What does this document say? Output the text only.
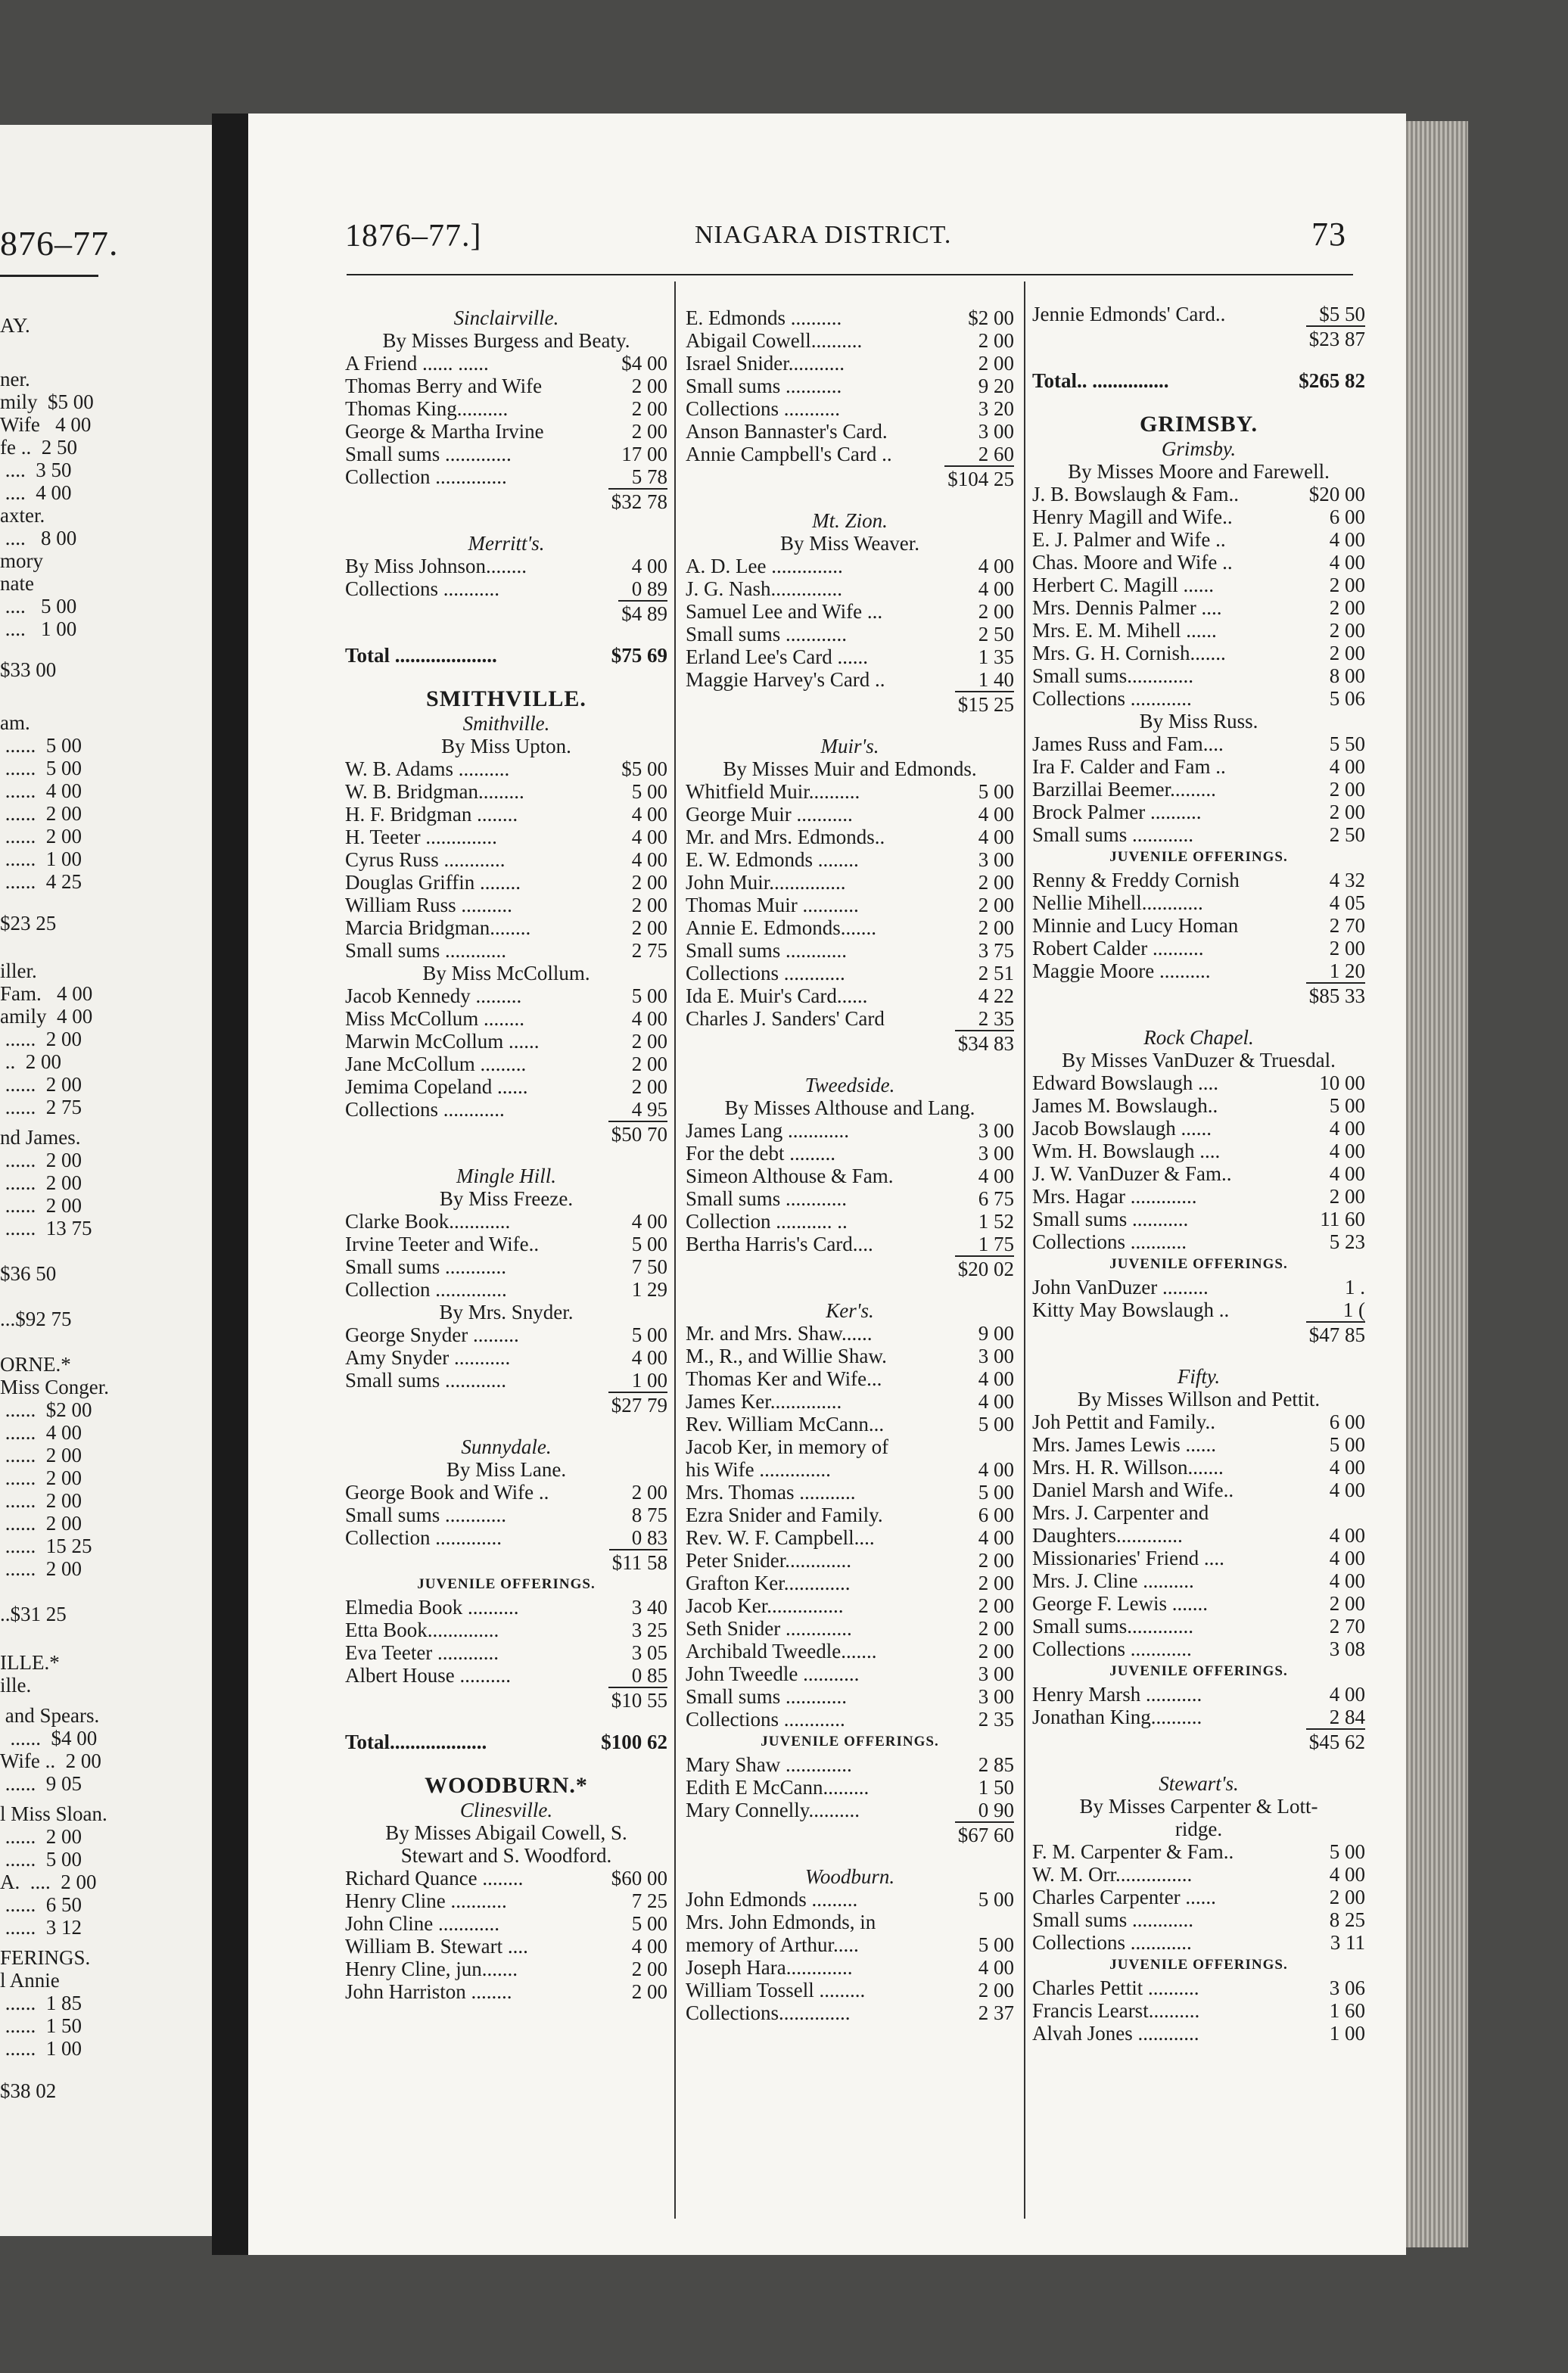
876–77.
AY.
ner.
mily  $5 00
Wife   4 00
fe ..  2 50
....  3 50
....  4 00
axter.
....   8 00
mory
nate
....   5 00
....   1 00
$33 00
am.
......  5 00
......  5 00
......  4 00
......  2 00
......  2 00
......  1 00
......  4 25
$23 25
iller.
Fam.   4 00
amily  4 00
......  2 00
..  2 00
......  2 00
......  2 75
nd James.
......  2 00
......  2 00
......  2 00
......  13 75
$36 50
...$92 75
ORNE.*
Miss Conger.
......  $2 00
......  4 00
......  2 00
......  2 00
......  2 00
......  2 00
......  15 25
......  2 00
..$31 25
ILLE.*
ille.
and Spears.
......  $4 00
Wife ..  2 00
......  9 05
l Miss Sloan.
......  2 00
......  5 00
A.  ....  2 00
......  6 50
......  3 12
FERINGS.
l Annie
......  1 85
......  1 50
......  1 00
$38 02
1876–77.]	NIAGARA DISTRICT.	73
Sinclairville.
By Misses Burgess and Beaty.
A Friend ...... ......	$4 00
Thomas Berry and Wife	2 00
Thomas King..........	2 00
George & Martha Irvine	2 00
Small sums .............	17 00
Collection ..............	5 78
$32 78
Merritt's.
By Miss Johnson........	4 00
Collections ...........	0 89
$4 89
Total ....................	$75 69
SMITHVILLE.
Smithville.
By Miss Upton.
W. B. Adams ..........	$5 00
W. B. Bridgman.........	5 00
H. F. Bridgman ........	4 00
H. Teeter ..............	4 00
Cyrus Russ ............	4 00
Douglas Griffin ........	2 00
William Russ ..........	2 00
Marcia Bridgman........	2 00
Small sums ............	2 75
By Miss McCollum.
Jacob Kennedy .........	5 00
Miss McCollum ........	4 00
Marwin McCollum ......	2 00
Jane McCollum .........	2 00
Jemima Copeland ......	2 00
Collections ............	4 95
$50 70
Mingle Hill.
By Miss Freeze.
Clarke Book............	4 00
Irvine Teeter and Wife..	5 00
Small sums ............	7 50
Collection ..............	1 29
By Mrs. Snyder.
George Snyder .........	5 00
Amy Snyder ...........	4 00
Small sums ............	1 00
$27 79
Sunnydale.
By Miss Lane.
George Book and Wife ..	2 00
Small sums ............	8 75
Collection .............	0 83
$11 58
JUVENILE OFFERINGS.
Elmedia Book ..........	3 40
Etta Book..............	3 25
Eva Teeter ............	3 05
Albert House ..........	0 85
$10 55
Total...................	$100 62
WOODBURN.*
Clinesville.
By Misses Abigail Cowell, S.
Stewart and S. Woodford.
Richard Quance ........	$60 00
Henry Cline ...........	7 25
John Cline ............	5 00
William B. Stewart ....	4 00
Henry Cline, jun.......	2 00
John Harriston ........	2 00
E. Edmonds ..........	$2 00
Abigail Cowell..........	2 00
Israel Snider...........	2 00
Small sums ...........	9 20
Collections ...........	3 20
Anson Bannaster's Card.	3 00
Annie Campbell's Card ..	2 60
$104 25
Mt. Zion.
By Miss Weaver.
A. D. Lee ..............	4 00
J. G. Nash..............	4 00
Samuel Lee and Wife ...	2 00
Small sums ............	2 50
Erland Lee's Card ......	1 35
Maggie Harvey's Card ..	1 40
$15 25
Muir's.
By Misses Muir and Edmonds.
Whitfield Muir..........	5 00
George Muir ...........	4 00
Mr. and Mrs. Edmonds..	4 00
E. W. Edmonds ........	3 00
John Muir...............	2 00
Thomas Muir ...........	2 00
Annie E. Edmonds.......	2 00
Small sums ............	3 75
Collections ............	2 51
Ida E. Muir's Card......	4 22
Charles J. Sanders' Card	2 35
$34 83
Tweedside.
By Misses Althouse and Lang.
James Lang ............	3 00
For the debt .........	3 00
Simeon Althouse & Fam.	4 00
Small sums ............	6 75
Collection ........... ..	1 52
Bertha Harris's Card....	1 75
$20 02
Ker's.
Mr. and Mrs. Shaw......	9 00
M., R., and Willie Shaw.	3 00
Thomas Ker and Wife...	4 00
James Ker..............	4 00
Rev. William McCann...	5 00
Jacob Ker, in memory of
his Wife ..............	4 00
Mrs. Thomas ...........	5 00
Ezra Snider and Family.	6 00
Rev. W. F. Campbell....	4 00
Peter Snider.............	2 00
Grafton Ker.............	2 00
Jacob Ker...............	2 00
Seth Snider .............	2 00
Archibald Tweedle.......	2 00
John Tweedle ...........	3 00
Small sums ............	3 00
Collections ............	2 35
JUVENILE OFFERINGS.
Mary Shaw .............	2 85
Edith E McCann.........	1 50
Mary Connelly..........	0 90
$67 60
Woodburn.
John Edmonds .........	5 00
Mrs. John Edmonds, in
memory of Arthur.....	5 00
Joseph Hara.............	4 00
William Tossell .........	2 00
Collections..............	2 37
Jennie Edmonds' Card..	$5 50
$23 87
Total.. ...............	$265 82
GRIMSBY.
Grimsby.
By Misses Moore and Farewell.
J. B. Bowslaugh & Fam..	$20 00
Henry Magill and Wife..	6 00
E. J. Palmer and Wife ..	4 00
Chas. Moore and Wife ..	4 00
Herbert C. Magill ......	2 00
Mrs. Dennis Palmer ....	2 00
Mrs. E. M. Mihell ......	2 00
Mrs. G. H. Cornish.......	2 00
Small sums.............	8 00
Collections ............	5 06
By Miss Russ.
James Russ and Fam....	5 50
Ira F. Calder and Fam ..	4 00
Barzillai Beemer.........	2 00
Brock Palmer ..........	2 00
Small sums ............	2 50
JUVENILE OFFERINGS.
Renny & Freddy Cornish	4 32
Nellie Mihell............	4 05
Minnie and Lucy Homan	2 70
Robert Calder ..........	2 00
Maggie Moore ..........	1 20
$85 33
Rock Chapel.
By Misses VanDuzer & Truesdal.
Edward Bowslaugh ....	10 00
James M. Bowslaugh..	5 00
Jacob Bowslaugh ......	4 00
Wm. H. Bowslaugh ....	4 00
J. W. VanDuzer & Fam..	4 00
Mrs. Hagar .............	2 00
Small sums ...........	11 60
Collections ...........	5 23
JUVENILE OFFERINGS.
John VanDuzer .........	1 .
Kitty May Bowslaugh ..	1 (
$47 85
Fifty.
By Misses Willson and Pettit.
Joh Pettit and Family..	6 00
Mrs. James Lewis ......	5 00
Mrs. H. R. Willson.......	4 00
Daniel Marsh and Wife..	4 00
Mrs. J. Carpenter and
Daughters.............	4 00
Missionaries' Friend ....	4 00
Mrs. J. Cline ..........	4 00
George F. Lewis .......	2 00
Small sums.............	2 70
Collections ............	3 08
JUVENILE OFFERINGS.
Henry Marsh ...........	4 00
Jonathan King..........	2 84
$45 62
Stewart's.
By Misses Carpenter & Lott-
ridge.
F. M. Carpenter & Fam..	5 00
W. M. Orr...............	4 00
Charles Carpenter ......	2 00
Small sums ............	8 25
Collections ............	3 11
JUVENILE OFFERINGS.
Charles Pettit ..........	3 06
Francis Learst..........	1 60
Alvah Jones ............	1 00
